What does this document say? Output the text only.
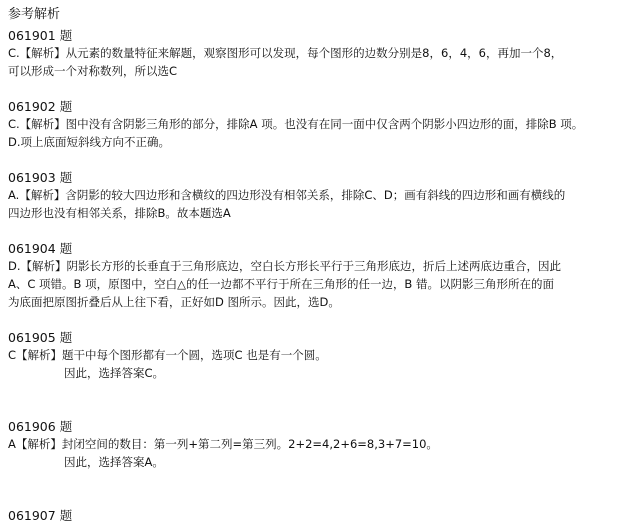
参考解析
061901 题
C.【解析】从元素的数量特征来解题，观察图形可以发现，每个图形的边数分别是8，6，4，6，再加一个8，
可以形成一个对称数列，所以选C
061902 题
C.【解析】图中没有含阴影三角形的部分，排除A 项。也没有在同一面中仅含两个阴影小四边形的面，排除B 项。
D.项上底面短斜线方向不正确。
061903 题
A.【解析】含阴影的较大四边形和含横纹的四边形没有相邻关系，排除C、D；画有斜线的四边形和画有横线的
四边形也没有相邻关系，排除B。故本题选A
061904 题
D.【解析】阴影长方形的长垂直于三角形底边，空白长方形长平行于三角形底边，折后上述两底边重合，因此
A、C 项错。B 项，原图中，空白△的任一边都不平行于所在三角形的任一边，B 错。以阴影三角形所在的面
为底面把原图折叠后从上往下看，正好如D 图所示。因此，选D。
061905 题
C【解析】题干中每个图形都有一个圆，选项C 也是有一个圆。
因此，选择答案C。
061906 题
A【解析】封闭空间的数目：第一列+第二列=第三列。2+2=4,2+6=8,3+7=10。
因此，选择答案A。
061907 题
